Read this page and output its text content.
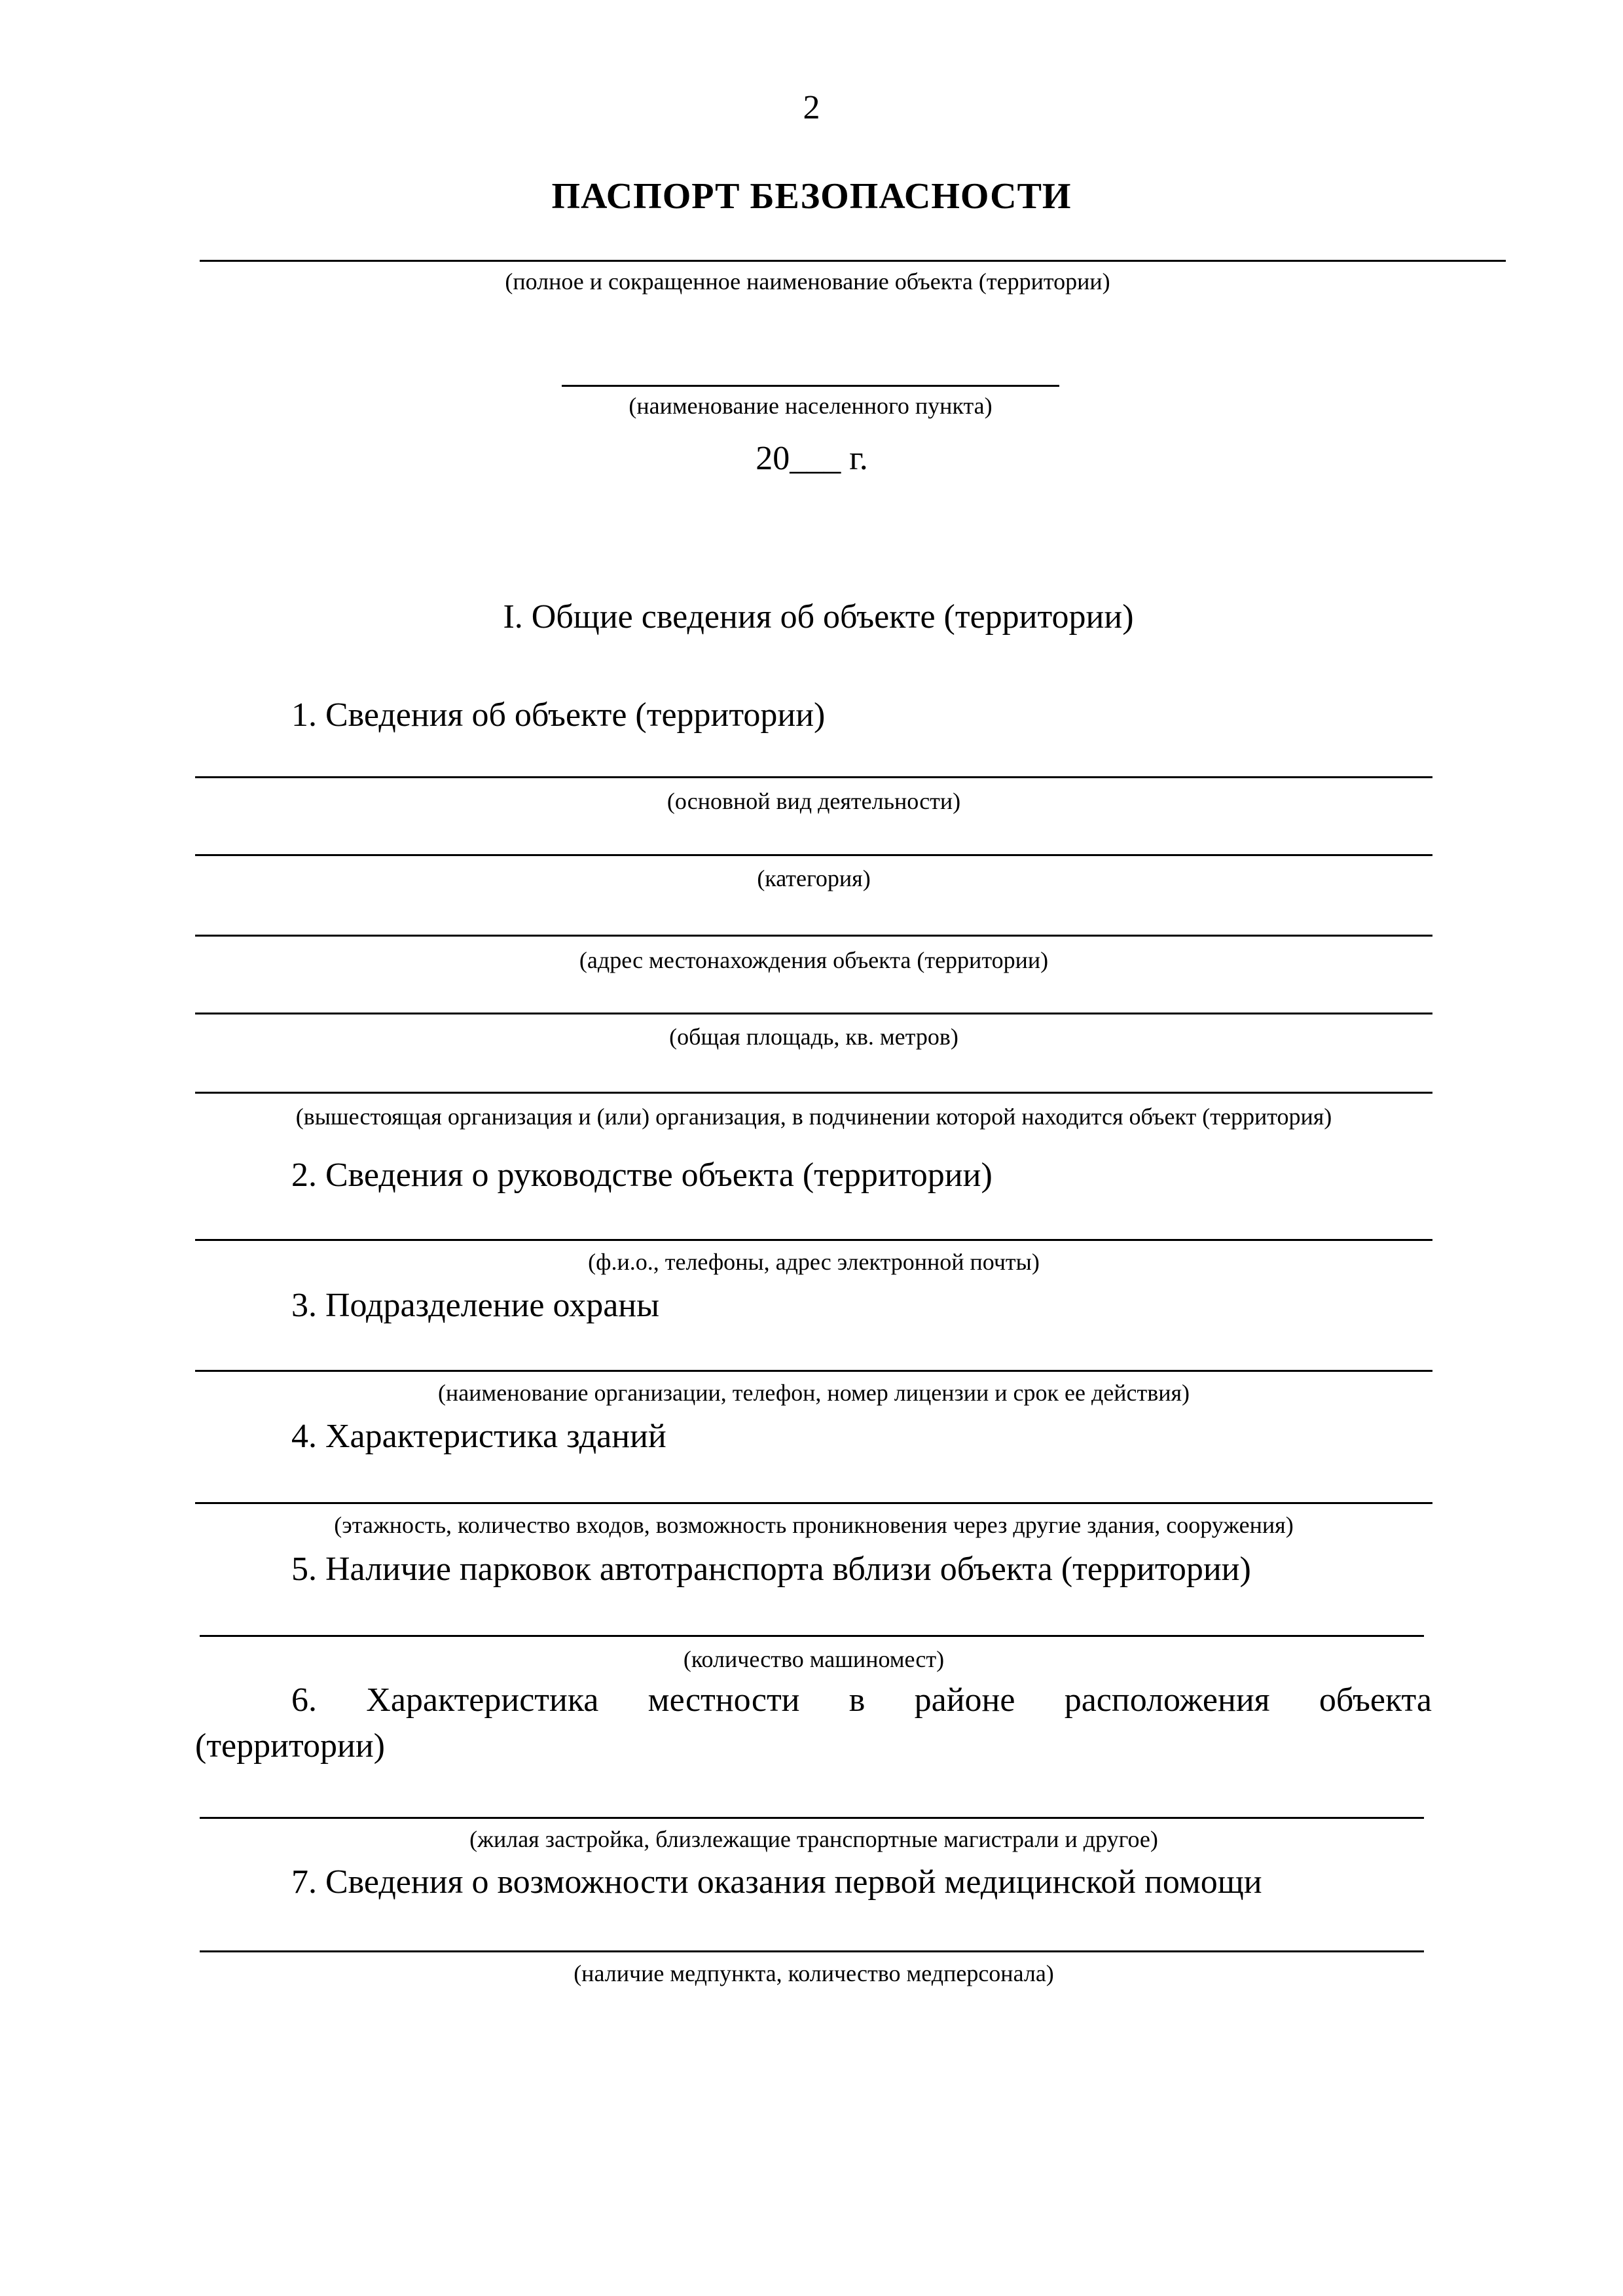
2
ПАСПОРТ БЕЗОПАСНОСТИ
(полное и сокращенное наименование объекта (территории)
(наименование населенного пункта)
20___ г.
I. Общие сведения об объекте (территории)
1. Сведения об объекте (территории)
(основной вид деятельности)
(категория)
(адрес местонахождения объекта (территории)
(общая площадь, кв. метров)
(вышестоящая организация и (или) организация, в подчинении которой находится объект (территория)
2. Сведения о руководстве объекта (территории)
(ф.и.о., телефоны, адрес электронной почты)
3. Подразделение охраны
(наименование организации, телефон, номер лицензии и срок ее действия)
4. Характеристика зданий
(этажность, количество входов, возможность проникновения через другие здания, сооружения)
5. Наличие парковок автотранспорта вблизи объекта (территории)
(количество машиномест)
6. Характеристика местности в районе расположения объекта
(территории)
(жилая застройка, близлежащие транспортные магистрали и другое)
7. Сведения о возможности оказания первой медицинской помощи
(наличие медпункта, количество медперсонала)
